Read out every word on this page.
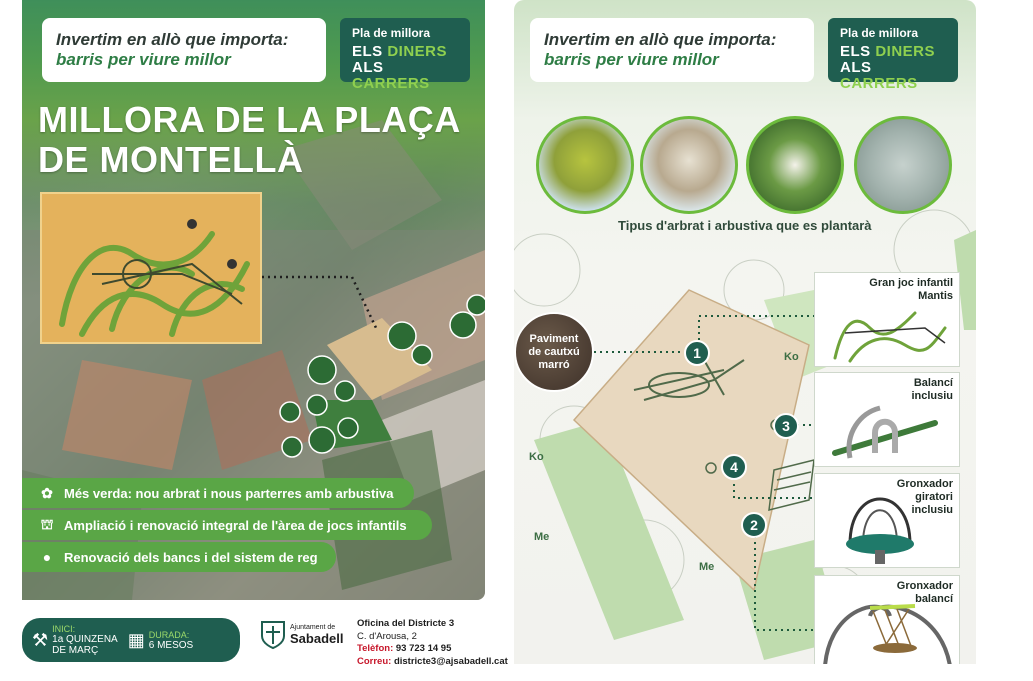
Invertim en allò que importa:
barris per viure millor
Pla de millora
ELS DINERS
ALS CARRERS
MILLORA DE LA PLAÇA
DE MONTELLÀ
✿ Més verda: nou arbrat i nous parterres amb arbustiva
⛫ Ampliació i renovació integral de l'àrea de jocs infantils
● Renovació dels bancs i del sistem de reg
⚒
INICI:
1a QUINZENA
DE MARÇ
▦ DURADA:
6 MESOS
Ajuntament de
Sabadell
Oficina del Districte 3
C. d'Arousa, 2
Telèfon: 93 723 14 95
Correu: districte3@ajsabadell.cat
Invertim en allò que importa:
barris per viure millor
Pla de millora
ELS DINERS
ALS CARRERS
Ko
Ko
Me
Me
Tipus d'arbrat i arbustiva que es plantarà
Paviment de cautxú marró
1
2
3
4
Gran joc infantil
Mantis
Balancí
inclusiu
Gronxador
giratori
inclusiu
Gronxador
balancí
